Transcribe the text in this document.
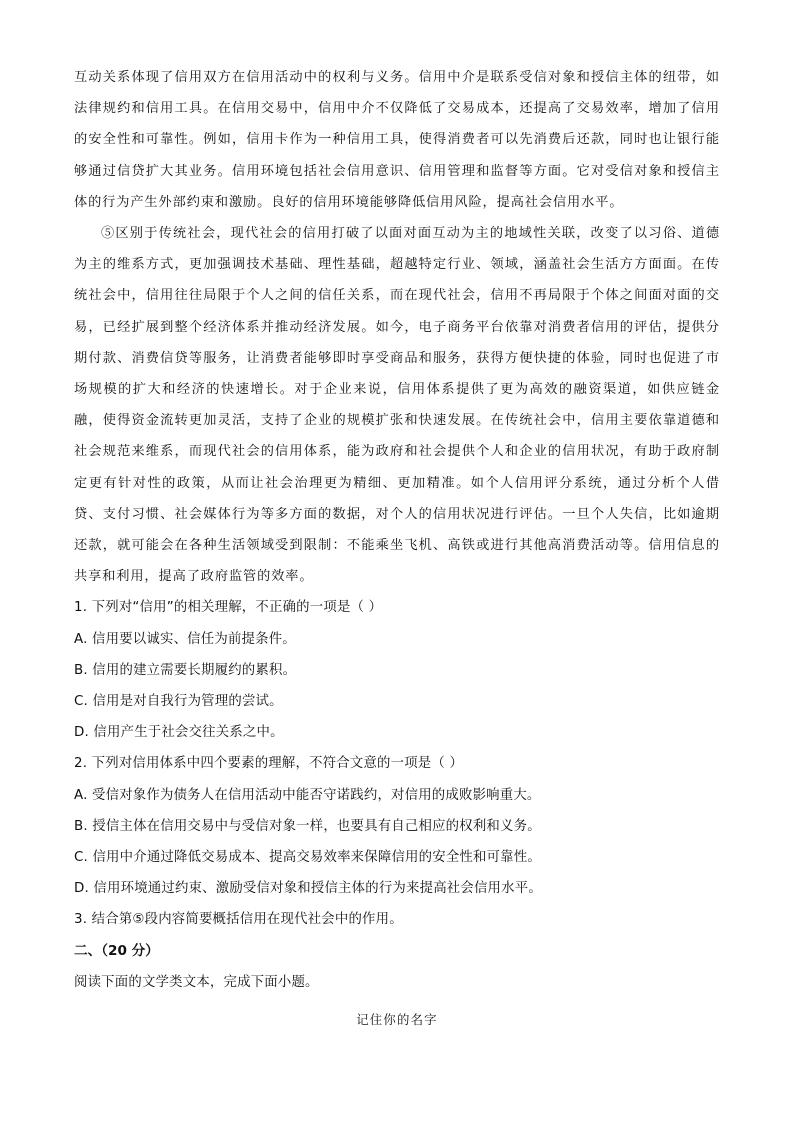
互动关系体现了信用双方在信用活动中的权利与义务。信用中介是联系受信对象和授信主体的纽带，如法律规约和信用工具。在信用交易中，信用中介不仅降低了交易成本，还提高了交易效率，增加了信用的安全性和可靠性。例如，信用卡作为一种信用工具，使得消费者可以先消费后还款，同时也让银行能够通过信贷扩大其业务。信用环境包括社会信用意识、信用管理和监督等方面。它对受信对象和授信主体的行为产生外部约束和激励。良好的信用环境能够降低信用风险，提高社会信用水平。

⑤区别于传统社会，现代社会的信用打破了以面对面互动为主的地域性关联，改变了以习俗、道德为主的维系方式，更加强调技术基础、理性基础，超越特定行业、领域，涵盖社会生活方方面面。在传统社会中，信用往往局限于个人之间的信任关系，而在现代社会，信用不再局限于个体之间面对面的交易，已经扩展到整个经济体系并推动经济发展。如今，电子商务平台依靠对消费者信用的评估，提供分期付款、消费信贷等服务，让消费者能够即时享受商品和服务，获得方便快捷的体验，同时也促进了市场规模的扩大和经济的快速增长。对于企业来说，信用体系提供了更为高效的融资渠道，如供应链金融，使得资金流转更加灵活，支持了企业的规模扩张和快速发展。在传统社会中，信用主要依靠道德和社会规范来维系，而现代社会的信用体系，能为政府和社会提供个人和企业的信用状况，有助于政府制定更有针对性的政策，从而让社会治理更为精细、更加精准。如个人信用评分系统，通过分析个人借贷、支付习惯、社会媒体行为等多方面的数据，对个人的信用状况进行评估。一旦个人失信，比如逾期还款，就可能会在各种生活领域受到限制：不能乘坐飞机、高铁或进行其他高消费活动等。信用信息的共享和利用，提高了政府监管的效率。

1. 下列对“信用”的相关理解，不正确的一项是（ ）

A. 信用要以诚实、信任为前提条件。

B. 信用的建立需要长期履约的累积。

C. 信用是对自我行为管理的尝试。

D. 信用产生于社会交往关系之中。

2. 下列对信用体系中四个要素的理解，不符合文意的一项是（ ）

A. 受信对象作为债务人在信用活动中能否守诺践约，对信用的成败影响重大。

B. 授信主体在信用交易中与受信对象一样，也要具有自己相应的权利和义务。

C. 信用中介通过降低交易成本、提高交易效率来保障信用的安全性和可靠性。

D. 信用环境通过约束、激励受信对象和授信主体的行为来提高社会信用水平。

3. 结合第⑤段内容简要概括信用在现代社会中的作用。

二、（20 分）

阅读下面的文学类文本，完成下面小题。

记住你的名字
